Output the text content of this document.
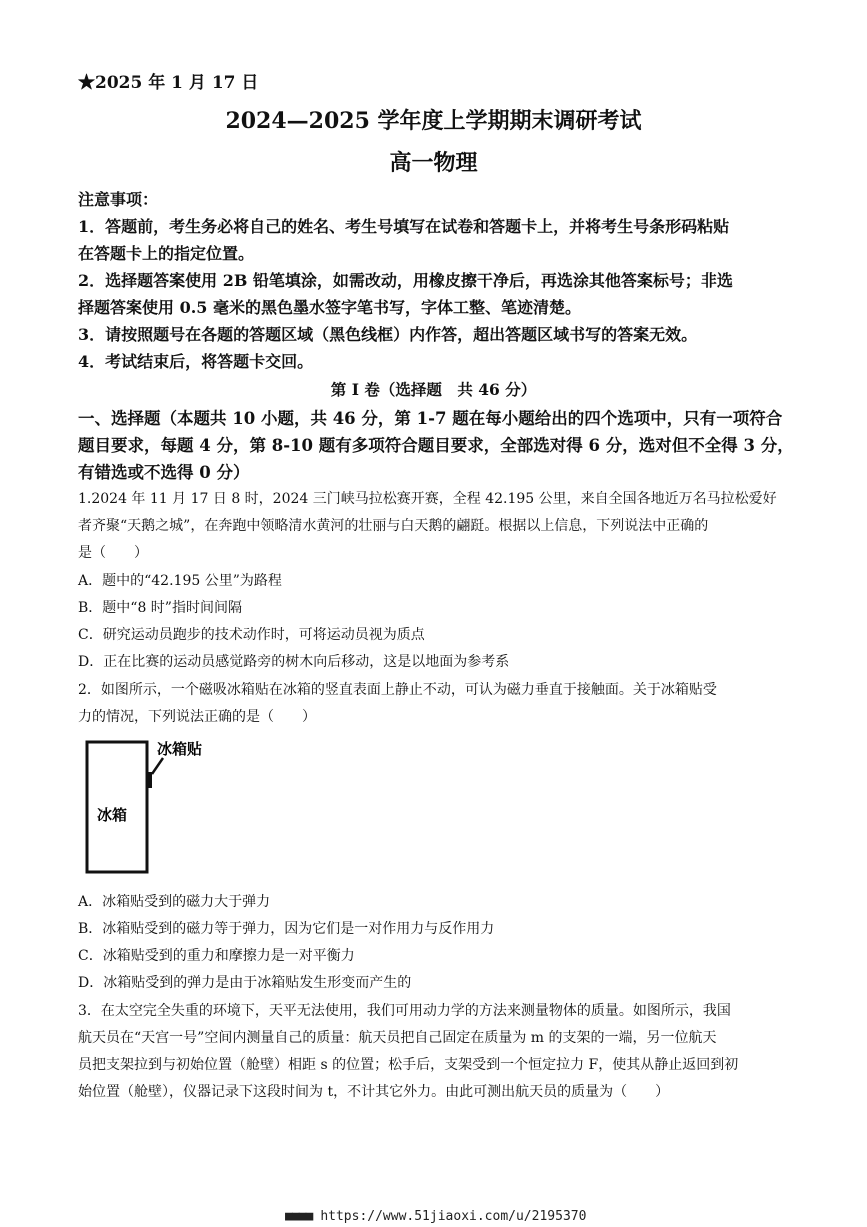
★2025 年 1 月 17 日
2024—2025 学年度上学期期末调研考试
高一物理
注意事项：
1．答题前，考生务必将自己的姓名、考生号填写在试卷和答题卡上，并将考生号条形码粘贴
在答题卡上的指定位置。
2．选择题答案使用 2B 铅笔填涂，如需改动，用橡皮擦干净后，再选涂其他答案标号；非选
择题答案使用 0.5 毫米的黑色墨水签字笔书写，字体工整、笔迹清楚。
3．请按照题号在各题的答题区域（黑色线框）内作答，超出答题区域书写的答案无效。
4．考试结束后，将答题卡交回。
第 I 卷（选择题　共 46 分）
一、选择题（本题共 10 小题，共 46 分，第 1-7 题在每小题给出的四个选项中，只有一项符合
题目要求，每题 4 分，第 8-10 题有多项符合题目要求，全部选对得 6 分，选对但不全得 3 分，
有错选或不选得 0 分）
1.2024 年 11 月 17 日 8 时，2024 三门峡马拉松赛开赛，全程 42.195 公里，来自全国各地近万名马拉松爱好
者齐聚“天鹅之城”，在奔跑中领略清水黄河的壮丽与白天鹅的翩跹。根据以上信息，下列说法中正确的
是（　　）
A．题中的“42.195 公里”为路程
B．题中“8 时”指时间间隔
C．研究运动员跑步的技术动作时，可将运动员视为质点
D．正在比赛的运动员感觉路旁的树木向后移动，这是以地面为参考系
2．如图所示，一个磁吸冰箱贴在冰箱的竖直表面上静止不动，可认为磁力垂直于接触面。关于冰箱贴受
力的情况，下列说法正确的是（　　）
冰箱
冰箱贴
A．冰箱贴受到的磁力大于弹力
B．冰箱贴受到的磁力等于弹力，因为它们是一对作用力与反作用力
C．冰箱贴受到的重力和摩擦力是一对平衡力
D．冰箱贴受到的弹力是由于冰箱贴发生形变而产生的
3．在太空完全失重的环境下，天平无法使用，我们可用动力学的方法来测量物体的质量。如图所示，我国
航天员在“天宫一号”空间内测量自己的质量：航天员把自己固定在质量为 m 的支架的一端，另一位航天
员把支架拉到与初始位置（舱壁）相距 s 的位置；松手后，支架受到一个恒定拉力 F，使其从静止返回到初
始位置（舱壁），仪器记录下这段时间为 t，不计其它外力。由此可测出航天员的质量为（　　）
■■■■ https://www.51jiaoxi.com/u/2195370
